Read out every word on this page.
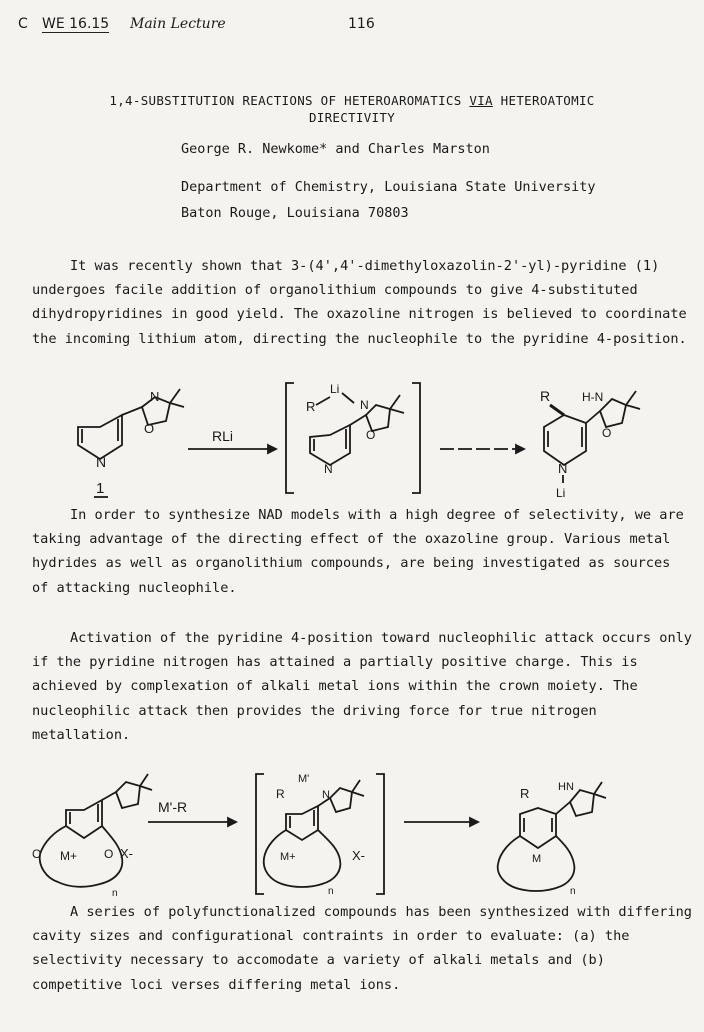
C WE 16.15 Main Lecture	116
1,4-SUBSTITUTION REACTIONS OF HETEROAROMATICS VIA HETEROATOMIC
DIRECTIVITY
George R. Newkome* and Charles Marston
Department of Chemistry, Louisiana State University
Baton Rouge, Louisiana 70803

It was recently shown that 3-(4',4'-dimethyloxazolin-2'-yl)-pyridine (1) undergoes facile addition of organolithium compounds to give 4-substituted dihydropyridines in good yield. The oxazoline nitrogen is believed to coordinate the incoming lithium atom, directing the nucleophile to the pyridine 4-position.

N
N
O
1
RLi
R
Li
N
O
N
R	H-N
O
N
Li

In order to synthesize NAD models with a high degree of selectivity, we are taking advantage of the directing effect of the oxazoline group. Various metal hydrides as well as organolithium compounds, are being investigated as sources of attacking nucleophile.

Activation of the pyridine 4-position toward nucleophilic attack occurs only if the pyridine nitrogen has attained a partially positive charge. This is achieved by complexation of alkali metal ions within the crown moiety. The nucleophilic attack then provides the driving force for true nitrogen metallation.

O M+ O X-
n
M'-R
R
M'
M+
N
X-
n
R	HN
M
n

A series of polyfunctionalized compounds has been synthesized with differing cavity sizes and configurational contraints in order to evaluate: (a) the selectivity necessary to accomodate a variety of alkali metals and (b) competitive loci verses differing metal ions.
